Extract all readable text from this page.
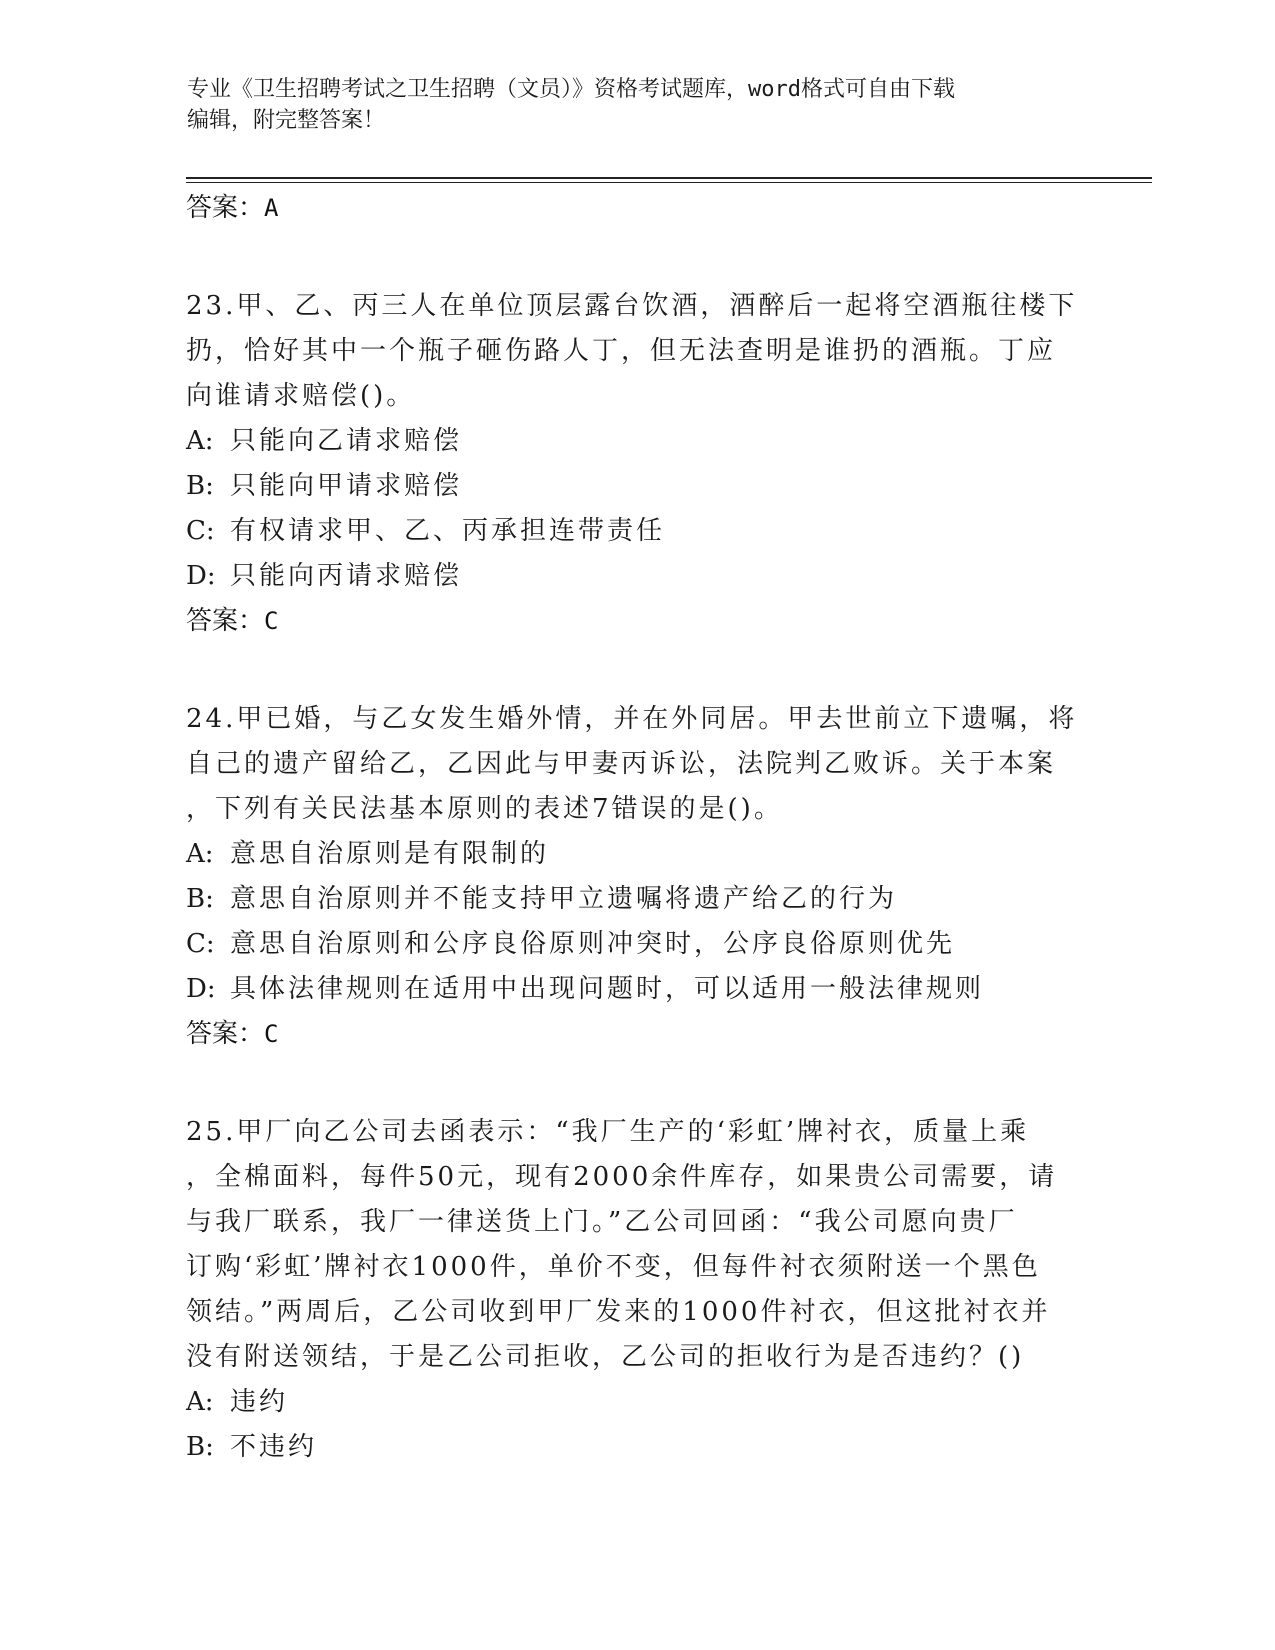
专业《卫生招聘考试之卫生招聘（文员）》资格考试题库，word格式可自由下载
编辑，附完整答案！
答案：A
23.甲、乙、丙三人在单位顶层露台饮酒，酒醉后一起将空酒瓶往楼下
扔，恰好其中一个瓶子砸伤路人丁，但无法查明是谁扔的酒瓶。丁应
向谁请求赔偿()。
A: 只能向乙请求赔偿
B: 只能向甲请求赔偿
C: 有权请求甲、乙、丙承担连带责任
D: 只能向丙请求赔偿
答案：C
24.甲已婚，与乙女发生婚外情，并在外同居。甲去世前立下遗嘱，将
自己的遗产留给乙，乙因此与甲妻丙诉讼，法院判乙败诉。关于本案
，下列有关民法基本原则的表述7错误的是()。
A: 意思自治原则是有限制的
B: 意思自治原则并不能支持甲立遗嘱将遗产给乙的行为
C: 意思自治原则和公序良俗原则冲突时，公序良俗原则优先
D: 具体法律规则在适用中出现问题时，可以适用一般法律规则
答案：C
25.甲厂向乙公司去函表示：“我厂生产的‘彩虹’牌衬衣，质量上乘
，全棉面料，每件50元，现有2000余件库存，如果贵公司需要，请
与我厂联系，我厂一律送货上门。”乙公司回函：“我公司愿向贵厂
订购‘彩虹’牌衬衣1000件，单价不变，但每件衬衣须附送一个黑色
领结。”两周后，乙公司收到甲厂发来的1000件衬衣，但这批衬衣并
没有附送领结，于是乙公司拒收，乙公司的拒收行为是否违约？()
A: 违约
B: 不违约
